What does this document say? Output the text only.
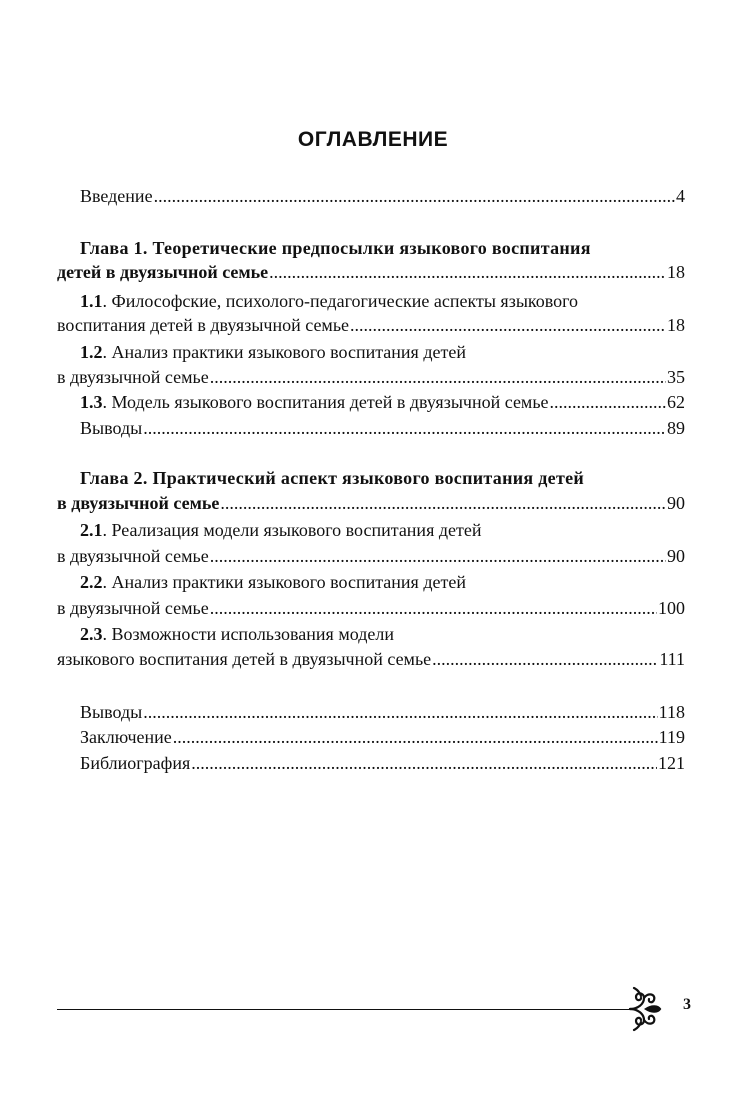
ОГЛАВЛЕНИЕ
Введение .....	4
Глава 1. Теоретические предпосылки языкового воспитания
детей в двуязычной семье .....	18
1.1. Философские, психолого-педагогические аспекты языкового
воспитания детей в двуязычной семье .....	18
1.2. Анализ практики языкового воспитания детей
в двуязычной семье .....	35
1.3. Модель языкового воспитания детей в двуязычной семье .....	62
Выводы .....	89
Глава 2. Практический аспект языкового воспитания детей
в двуязычной семье .....	90
2.1. Реализация модели языкового воспитания детей
в двуязычной семье .....	90
2.2. Анализ практики языкового воспитания детей
в двуязычной семье .....	100
2.3. Возможности использования модели
языкового воспитания детей в двуязычной семье .....	111
Выводы .....	118
Заключение .....	119
Библиография .....	121
3
